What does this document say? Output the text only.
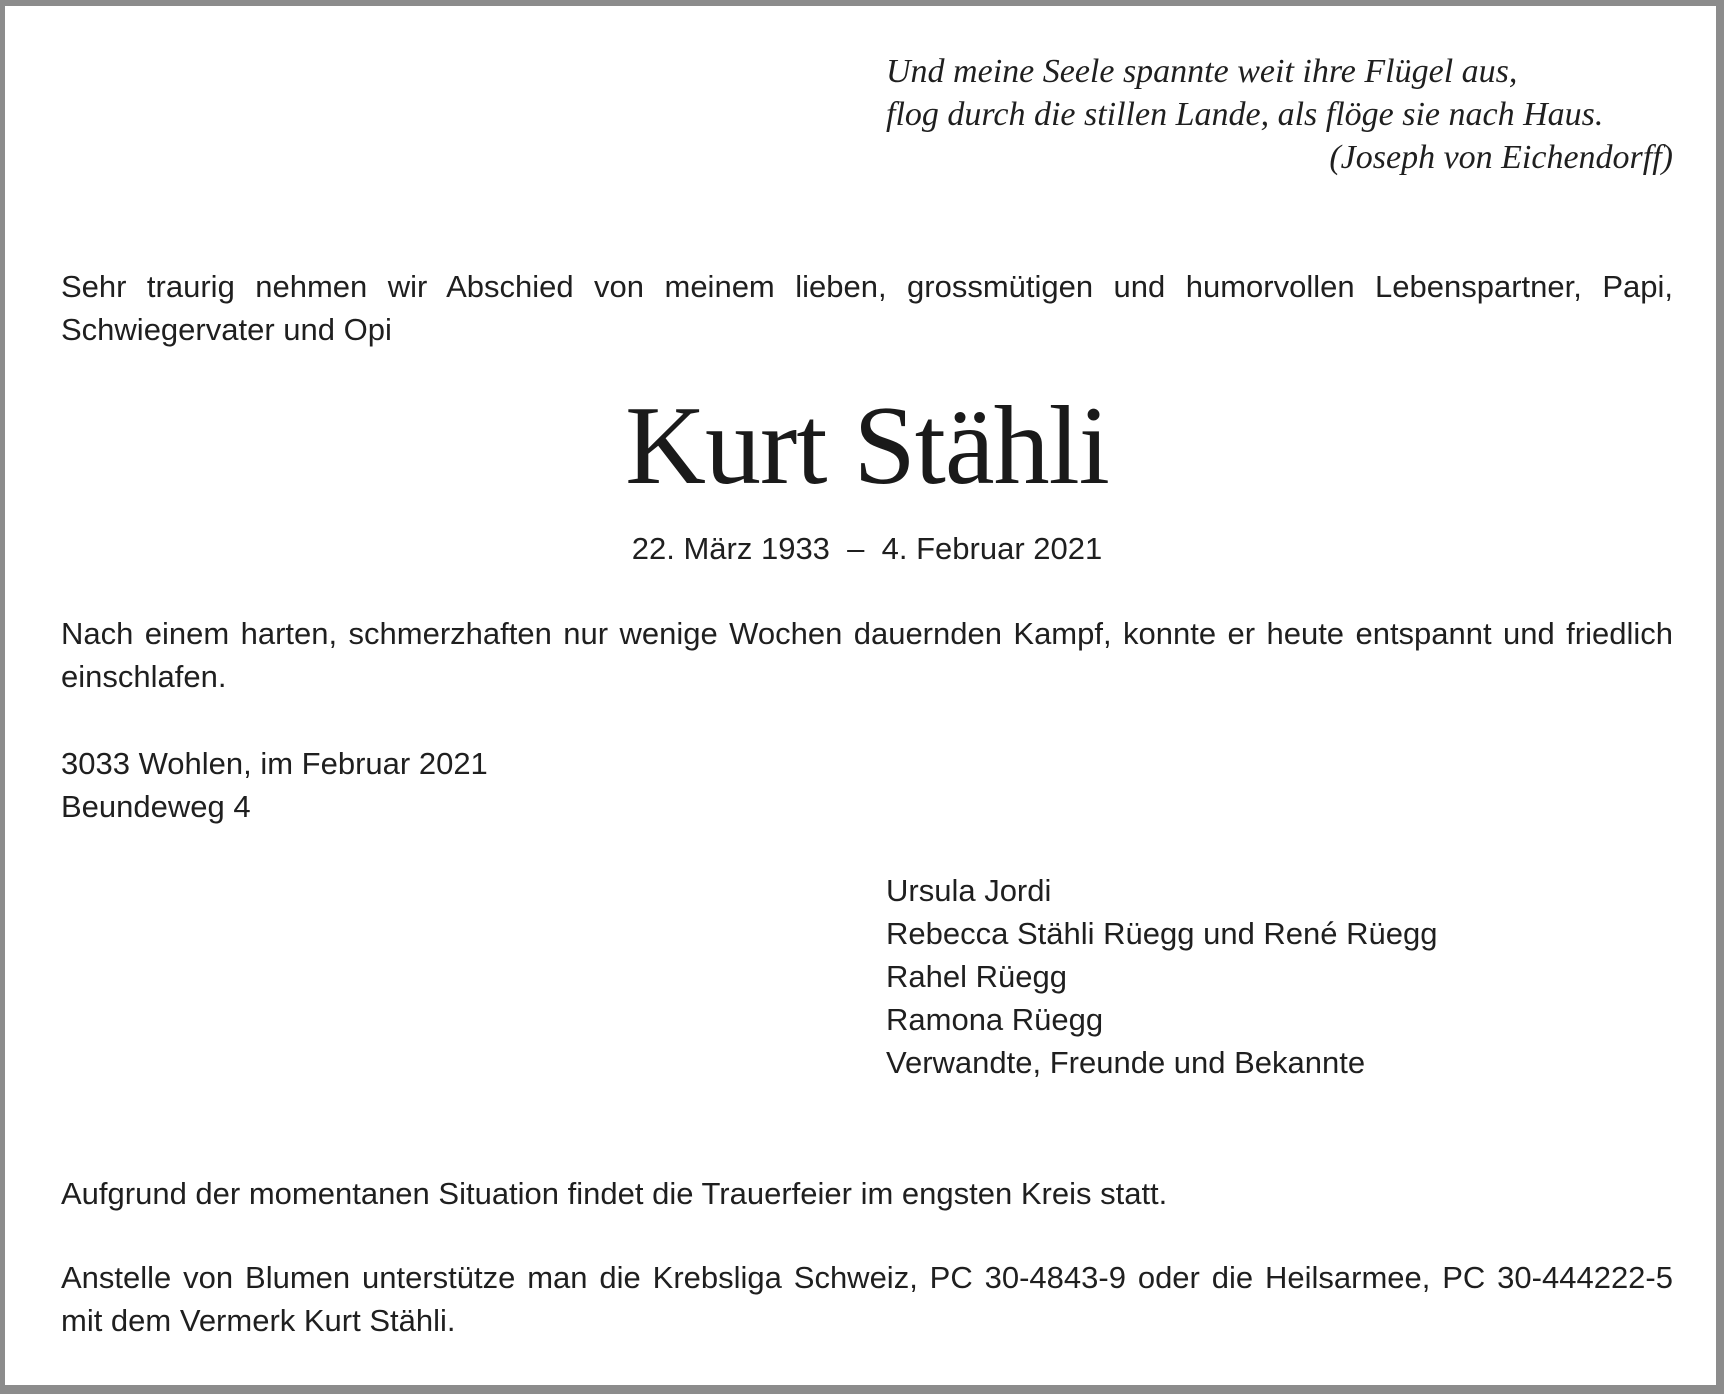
Und meine Seele spannte weit ihre Flügel aus,
flog durch die stillen Lande, als flöge sie nach Haus.
(Joseph von Eichendorff)
Sehr traurig nehmen wir Abschied von meinem lieben, grossmütigen und humorvollen Lebenspartner, Papi, Schwiegervater und Opi
Kurt Stähli
22. März 1933 – 4. Februar 2021
Nach einem harten, schmerzhaften nur wenige Wochen dauernden Kampf, konnte er heute entspannt und friedlich einschlafen.
3033 Wohlen, im Februar 2021
Beundeweg 4
Ursula Jordi
Rebecca Stähli Rüegg und René Rüegg
Rahel Rüegg
Ramona Rüegg
Verwandte, Freunde und Bekannte
Aufgrund der momentanen Situation findet die Trauerfeier im engsten Kreis statt.
Anstelle von Blumen unterstütze man die Krebsliga Schweiz, PC 30-4843-9 oder die Heilsarmee, PC 30-444222-5 mit dem Vermerk Kurt Stähli.
